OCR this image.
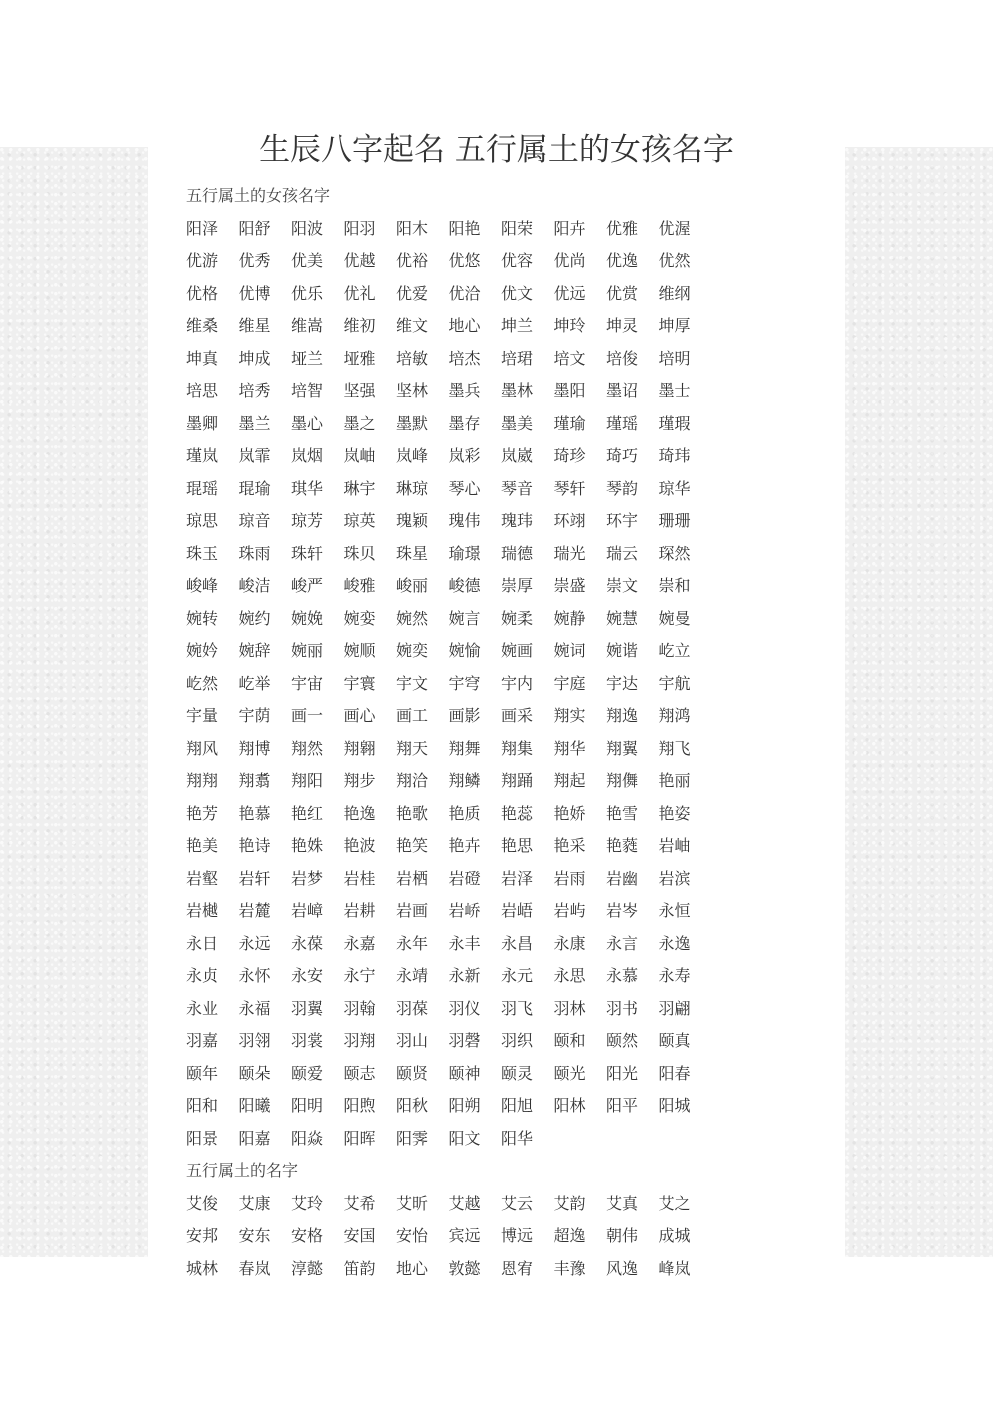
生辰八字起名 五行属土的女孩名字
五行属土的女孩名字
阳泽	阳舒	阳波	阳羽	阳木	阳艳	阳荣	阳卉	优雅	优渥
优游	优秀	优美	优越	优裕	优悠	优容	优尚	优逸	优然
优格	优博	优乐	优礼	优爱	优洽	优文	优远	优赏	维纲
维桑	维星	维嵩	维初	维文	地心	坤兰	坤玲	坤灵	坤厚
坤真	坤成	垭兰	垭雅	培敏	培杰	培珺	培文	培俊	培明
培思	培秀	培智	坚强	坚林	墨兵	墨林	墨阳	墨诏	墨士
墨卿	墨兰	墨心	墨之	墨默	墨存	墨美	瑾瑜	瑾瑶	瑾瑕
瑾岚	岚霏	岚烟	岚岫	岚峰	岚彩	岚崴	琦珍	琦巧	琦玮
琨瑶	琨瑜	琪华	琳宇	琳琼	琴心	琴音	琴轩	琴韵	琼华
琼思	琼音	琼芳	琼英	瑰颖	瑰伟	瑰玮	环翊	环宇	珊珊
珠玉	珠雨	珠轩	珠贝	珠星	瑜璟	瑞德	瑞光	瑞云	琛然
峻峰	峻洁	峻严	峻雅	峻丽	峻德	崇厚	崇盛	崇文	崇和
婉转	婉约	婉娩	婉娈	婉然	婉言	婉柔	婉静	婉慧	婉曼
婉妗	婉辞	婉丽	婉顺	婉奕	婉愉	婉画	婉词	婉谐	屹立
屹然	屹举	宇宙	宇寰	宇文	宇穹	宇内	宇庭	宇达	宇航
宇量	宇荫	画一	画心	画工	画影	画采	翔实	翔逸	翔鸿
翔风	翔博	翔然	翔翱	翔天	翔舞	翔集	翔华	翔翼	翔飞
翔翔	翔翥	翔阳	翔步	翔洽	翔鳞	翔踊	翔起	翔儛	艳丽
艳芳	艳慕	艳红	艳逸	艳歌	艳质	艳蕊	艳娇	艳雪	艳姿
艳美	艳诗	艳姝	艳波	艳笑	艳卉	艳思	艳采	艳蕤	岩岫
岩壑	岩轩	岩梦	岩桂	岩栖	岩磴	岩泽	岩雨	岩幽	岩滨
岩樾	岩麓	岩嶂	岩耕	岩画	岩峤	岩峿	岩屿	岩岑	永恒
永日	永远	永葆	永嘉	永年	永丰	永昌	永康	永言	永逸
永贞	永怀	永安	永宁	永靖	永新	永元	永思	永慕	永寿
永业	永福	羽翼	羽翰	羽葆	羽仪	羽飞	羽林	羽书	羽翩
羽嘉	羽翎	羽裳	羽翔	羽山	羽磬	羽织	颐和	颐然	颐真
颐年	颐朵	颐爱	颐志	颐贤	颐神	颐灵	颐光	阳光	阳春
阳和	阳曦	阳明	阳煦	阳秋	阳朔	阳旭	阳林	阳平	阳城
阳景	阳嘉	阳焱	阳晖	阳霁	阳文	阳华
五行属土的名字
艾俊	艾康	艾玲	艾希	艾昕	艾越	艾云	艾韵	艾真	艾之
安邦	安东	安格	安国	安怡	宾远	博远	超逸	朝伟	成城
城林	春岚	淳懿	笛韵	地心	敦懿	恩宥	丰豫	风逸	峰岚
